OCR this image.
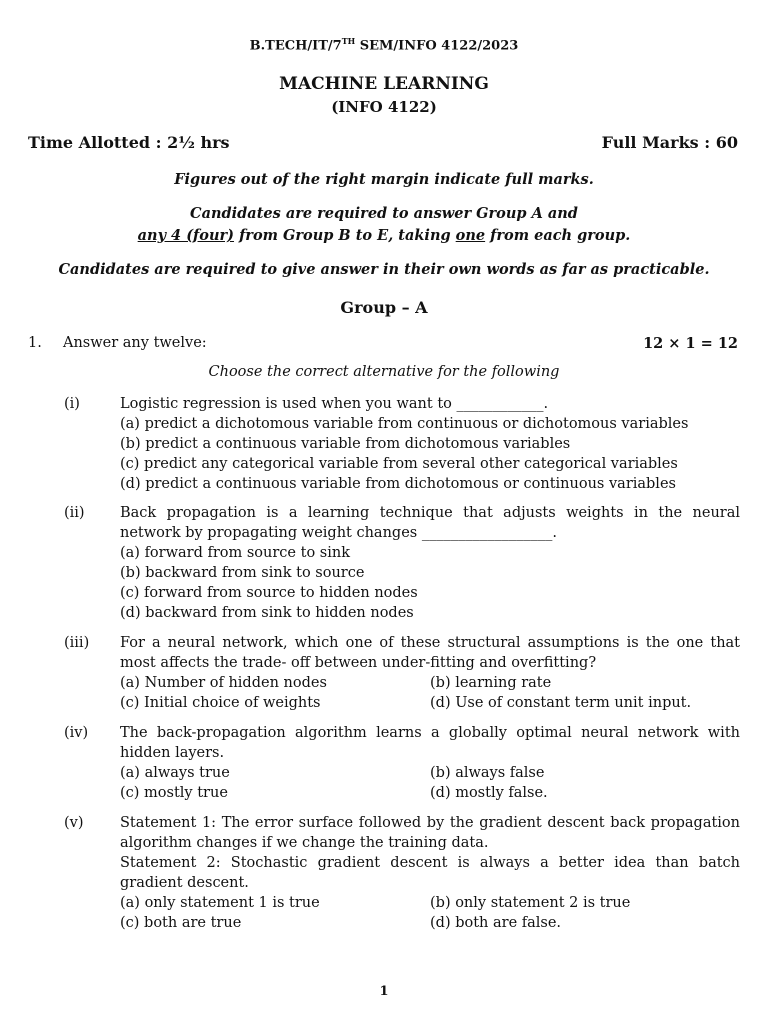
B.TECH/IT/7TH SEM/INFO 4122/2023
MACHINE LEARNING
(INFO 4122)
Time Allotted : 2½ hrs	Full Marks : 60
Figures out of the right margin indicate full marks.
Candidates are required to answer Group A and
any 4 (four) from Group B to E, taking one from each group.
Candidates are required to give answer in their own words as far as practicable.
Group – A
1. Answer any twelve:	12 × 1 = 12
Choose the correct alternative for the following
(i)	Logistic regression is used when you want to ____________.
(a) predict a dichotomous variable from continuous or dichotomous variables
(b) predict a continuous variable from dichotomous variables
(c) predict any categorical variable from several other categorical variables
(d) predict a continuous variable from dichotomous or continuous variables
(ii)	Back propagation is a learning technique that adjusts weights in the neural network by propagating weight changes __________________.
(a) forward from source to sink
(b) backward from sink to source
(c) forward from source to hidden nodes
(d) backward from sink to hidden nodes
(iii)	For a neural network, which one of these structural assumptions is the one that most affects the trade- off between under-fitting and overfitting?
(a) Number of hidden nodes	(b) learning rate
(c) Initial choice of weights	(d) Use of constant term unit input.
(iv)	The back-propagation algorithm learns a globally optimal neural network with hidden layers.
(a) always true	(b) always false
(c) mostly true	(d) mostly false.
(v)	Statement 1: The error surface followed by the gradient descent back propagation algorithm changes if we change the training data.
Statement 2: Stochastic gradient descent is always a better idea than batch gradient descent.
(a) only statement 1 is true	(b) only statement 2 is true
(c) both are true	(d) both are false.
1
